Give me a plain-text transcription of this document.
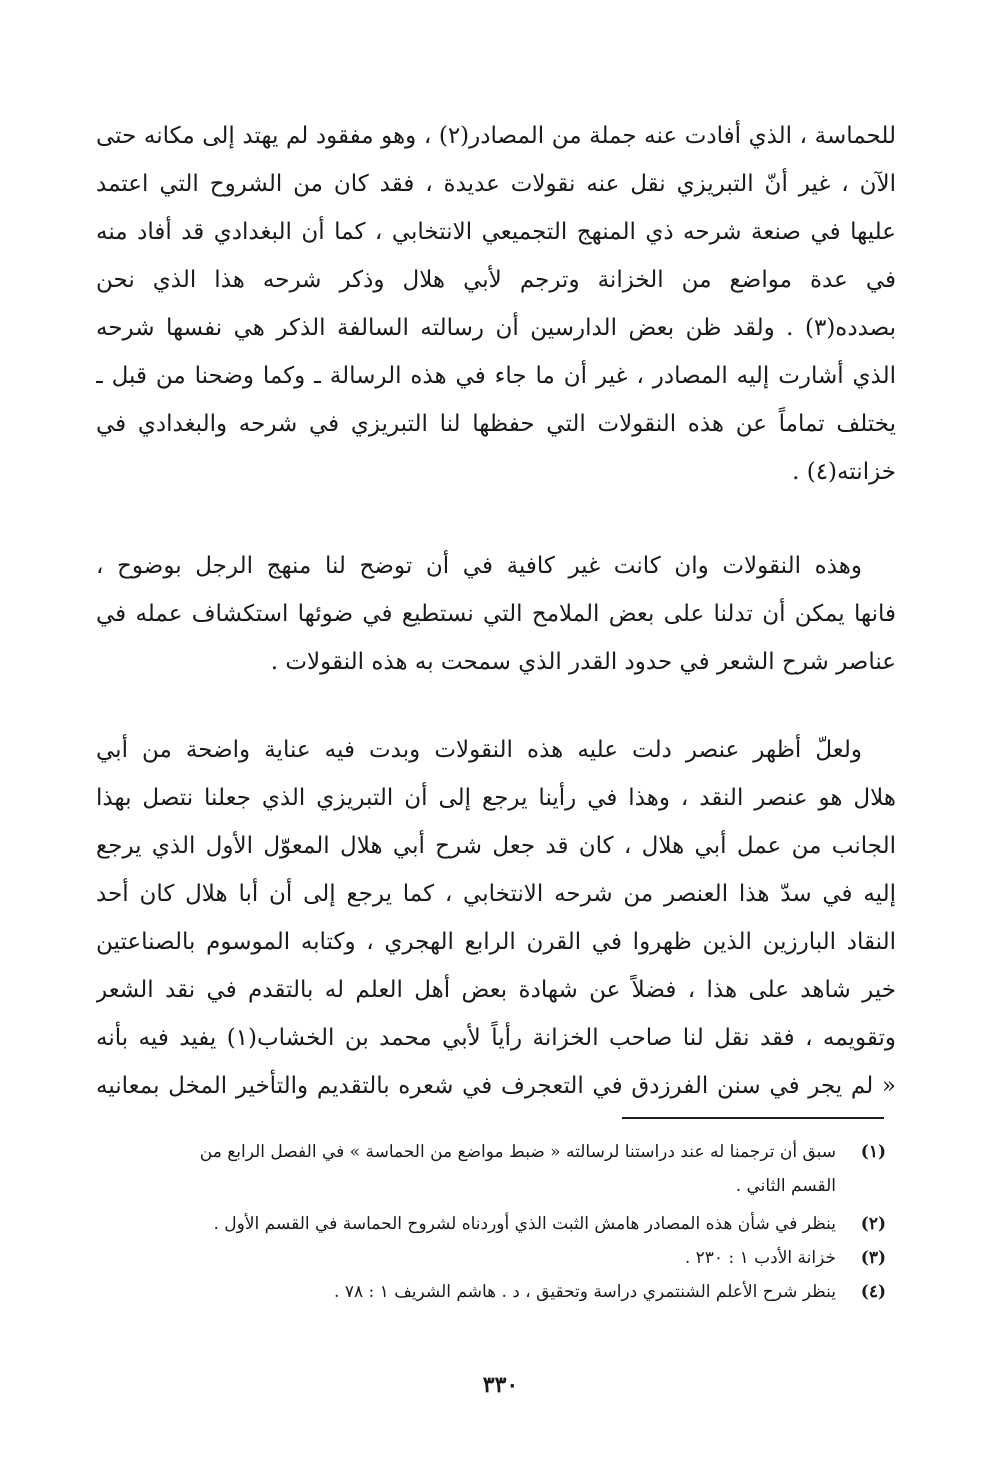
للحماسة ، الذي أفادت عنه جملة من المصادر(٢) ، وهو مفقود لم يهتد إلى مكانه حتى
الآن ، غير أنّ التبريزي نقل عنه نقولات عديدة ، فقد كان من الشروح التي اعتمد
عليها في صنعة شرحه ذي المنهج التجميعي الانتخابي ، كما أن البغدادي قد أفاد منه
في عدة مواضع من الخزانة وترجم لأبي هلال وذكر شرحه هذا الذي نحن
بصدده(٣) . ولقد ظن بعض الدارسين أن رسالته السالفة الذكر هي نفسها شرحه
الذي أشارت إليه المصادر ، غير أن ما جاء في هذه الرسالة ـ وكما وضحنا من قبل ـ
يختلف تماماً عن هذه النقولات التي حفظها لنا التبريزي في شرحه والبغدادي في
خزانته(٤) .
وهذه النقولات وان كانت غير كافية في أن توضح لنا منهج الرجل بوضوح ،
فانها يمكن أن تدلنا على بعض الملامح التي نستطيع في ضوئها استكشاف عمله في
عناصر شرح الشعر في حدود القدر الذي سمحت به هذه النقولات .
ولعلّ أظهر عنصر دلت عليه هذه النقولات وبدت فيه عناية واضحة من أبي
هلال هو عنصر النقد ، وهذا في رأينا يرجع إلى أن التبريزي الذي جعلنا نتصل بهذا
الجانب من عمل أبي هلال ، كان قد جعل شرح أبي هلال المعوّل الأول الذي يرجع
إليه في سدّ هذا العنصر من شرحه الانتخابي ، كما يرجع إلى أن أبا هلال كان أحد
النقاد البارزين الذين ظهروا في القرن الرابع الهجري ، وكتابه الموسوم بالصناعتين
خير شاهد على هذا ، فضلاً عن شهادة بعض أهل العلم له بالتقدم في نقد الشعر
وتقويمه ، فقد نقل لنا صاحب الخزانة رأياً لأبي محمد بن الخشاب(١) يفيد فيه بأنه
« لم يجر في سنن الفرزدق في التعجرف في شعره بالتقديم والتأخير المخل بمعانيه
(١)
سبق أن ترجمنا له عند دراستنا لرسالته « ضبط مواضع من الحماسة » في الفصل الرابع من
القسم الثاني .
(٢)
ينظر في شأن هذه المصادر هامش الثبت الذي أوردناه لشروح الحماسة في القسم الأول .
(٣)
خزانة الأدب ١ : ٢٣٠ .
(٤)
ينظر شرح الأعلم الشنتمري دراسة وتحقيق ، د . هاشم الشريف ١ : ٧٨ .
٣٣٠
